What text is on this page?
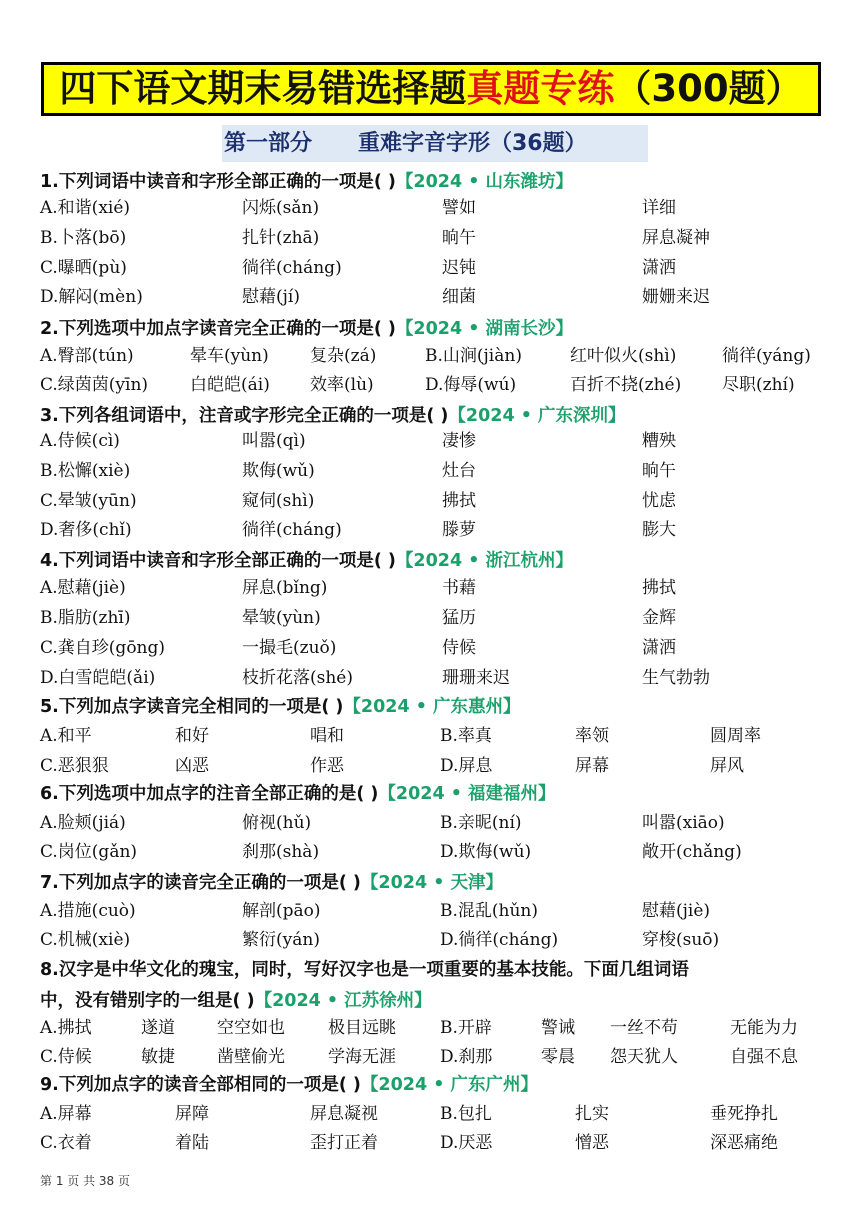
四下语文期末易错选择题真题专练（300题）
第一部分      重难字音字形（36题）
1.下列词语中读音和字形全部正确的一项是( )【2024 • 山东潍坊】
A.和谐(xié)	闪烁(sǎn)	譬如	详细
B.卜落(bō)	扎针(zhā)	晌午	屏息凝神
C.曝晒(pù)	徜徉(cháng)	迟钝	潇洒
D.解闷(mèn)	慰藉(jí)	细菌	姗姗来迟
2.下列选项中加点字读音完全正确的一项是( )【2024 • 湖南长沙】
A.臀部(tún)	晕车(yùn) 复杂(zá)	B.山涧(jiàn)	红叶似火(shì)	徜徉(yáng)
C.绿茵茵(yīn) 白皑皑(ái) 效率(lù)	D.侮辱(wú)	百折不挠(zhé) 尽职(zhí)
3.下列各组词语中，注音或字形完全正确的一项是( )【2024 • 广东深圳】
A.侍候(cì)	叫嚣(qì)	凄惨	糟殃
B.松懈(xiè)	欺侮(wǔ)	灶台	晌午
C.晕皱(yūn)	窥伺(shì)	拂拭	忧虑
D.奢侈(chǐ)	徜徉(cháng)	滕萝	膨大
4.下列词语中读音和字形全部正确的一项是( )【2024 • 浙江杭州】
A.慰藉(jiè)	屏息(bǐng)	书藉	拂拭
B.脂肪(zhī)	晕皱(yùn)	猛历	金辉
C.龚自珍(gōng)	一撮毛(zuǒ)	侍候	潇洒
D.白雪皑皑(ǎi)	枝折花落(shé)	珊珊来迟	生气勃勃
5.下列加点字读音完全相同的一项是( )【2024 • 广东惠州】
A.和平	和好	唱和	B.率真	率领	圆周率
C.恶狠狠	凶恶	作恶	D.屏息	屏幕	屏风
6.下列选项中加点字的注音全部正确的是( )【2024 • 福建福州】
A.脸颊(jiá)	俯视(hǔ)	B.亲昵(ní)	叫嚣(xiāo)
C.岗位(gǎn)	刹那(shà)	D.欺侮(wǔ)	敞开(chǎng)
7.下列加点字的读音完全正确的一项是( )【2024 • 天津】
A.措施(cuò)	解剖(pāo)	B.混乱(hǔn)	慰藉(jiè)
C.机械(xiè)	繁衍(yán)	D.徜徉(cháng)	穿梭(suō)
8.汉字是中华文化的瑰宝，同时，写好汉字也是一项重要的基本技能。下面几组词语
中，没有错别字的一组是( )【2024 • 江苏徐州】
A.拂拭	遂道 空空如也	极目远眺	B.开辟	警诫 一丝不苟	无能为力
C.侍候	敏捷 凿壁偷光	学海无涯	D.刹那	零晨 怨天犹人	自强不息
9.下列加点字的读音全部相同的一项是( )【2024 • 广东广州】
A.屏幕	屏障	屏息凝视	B.包扎	扎实	垂死挣扎
C.衣着	着陆	歪打正着	D.厌恶	憎恶	深恶痛绝
第 1 页 共 38 页
